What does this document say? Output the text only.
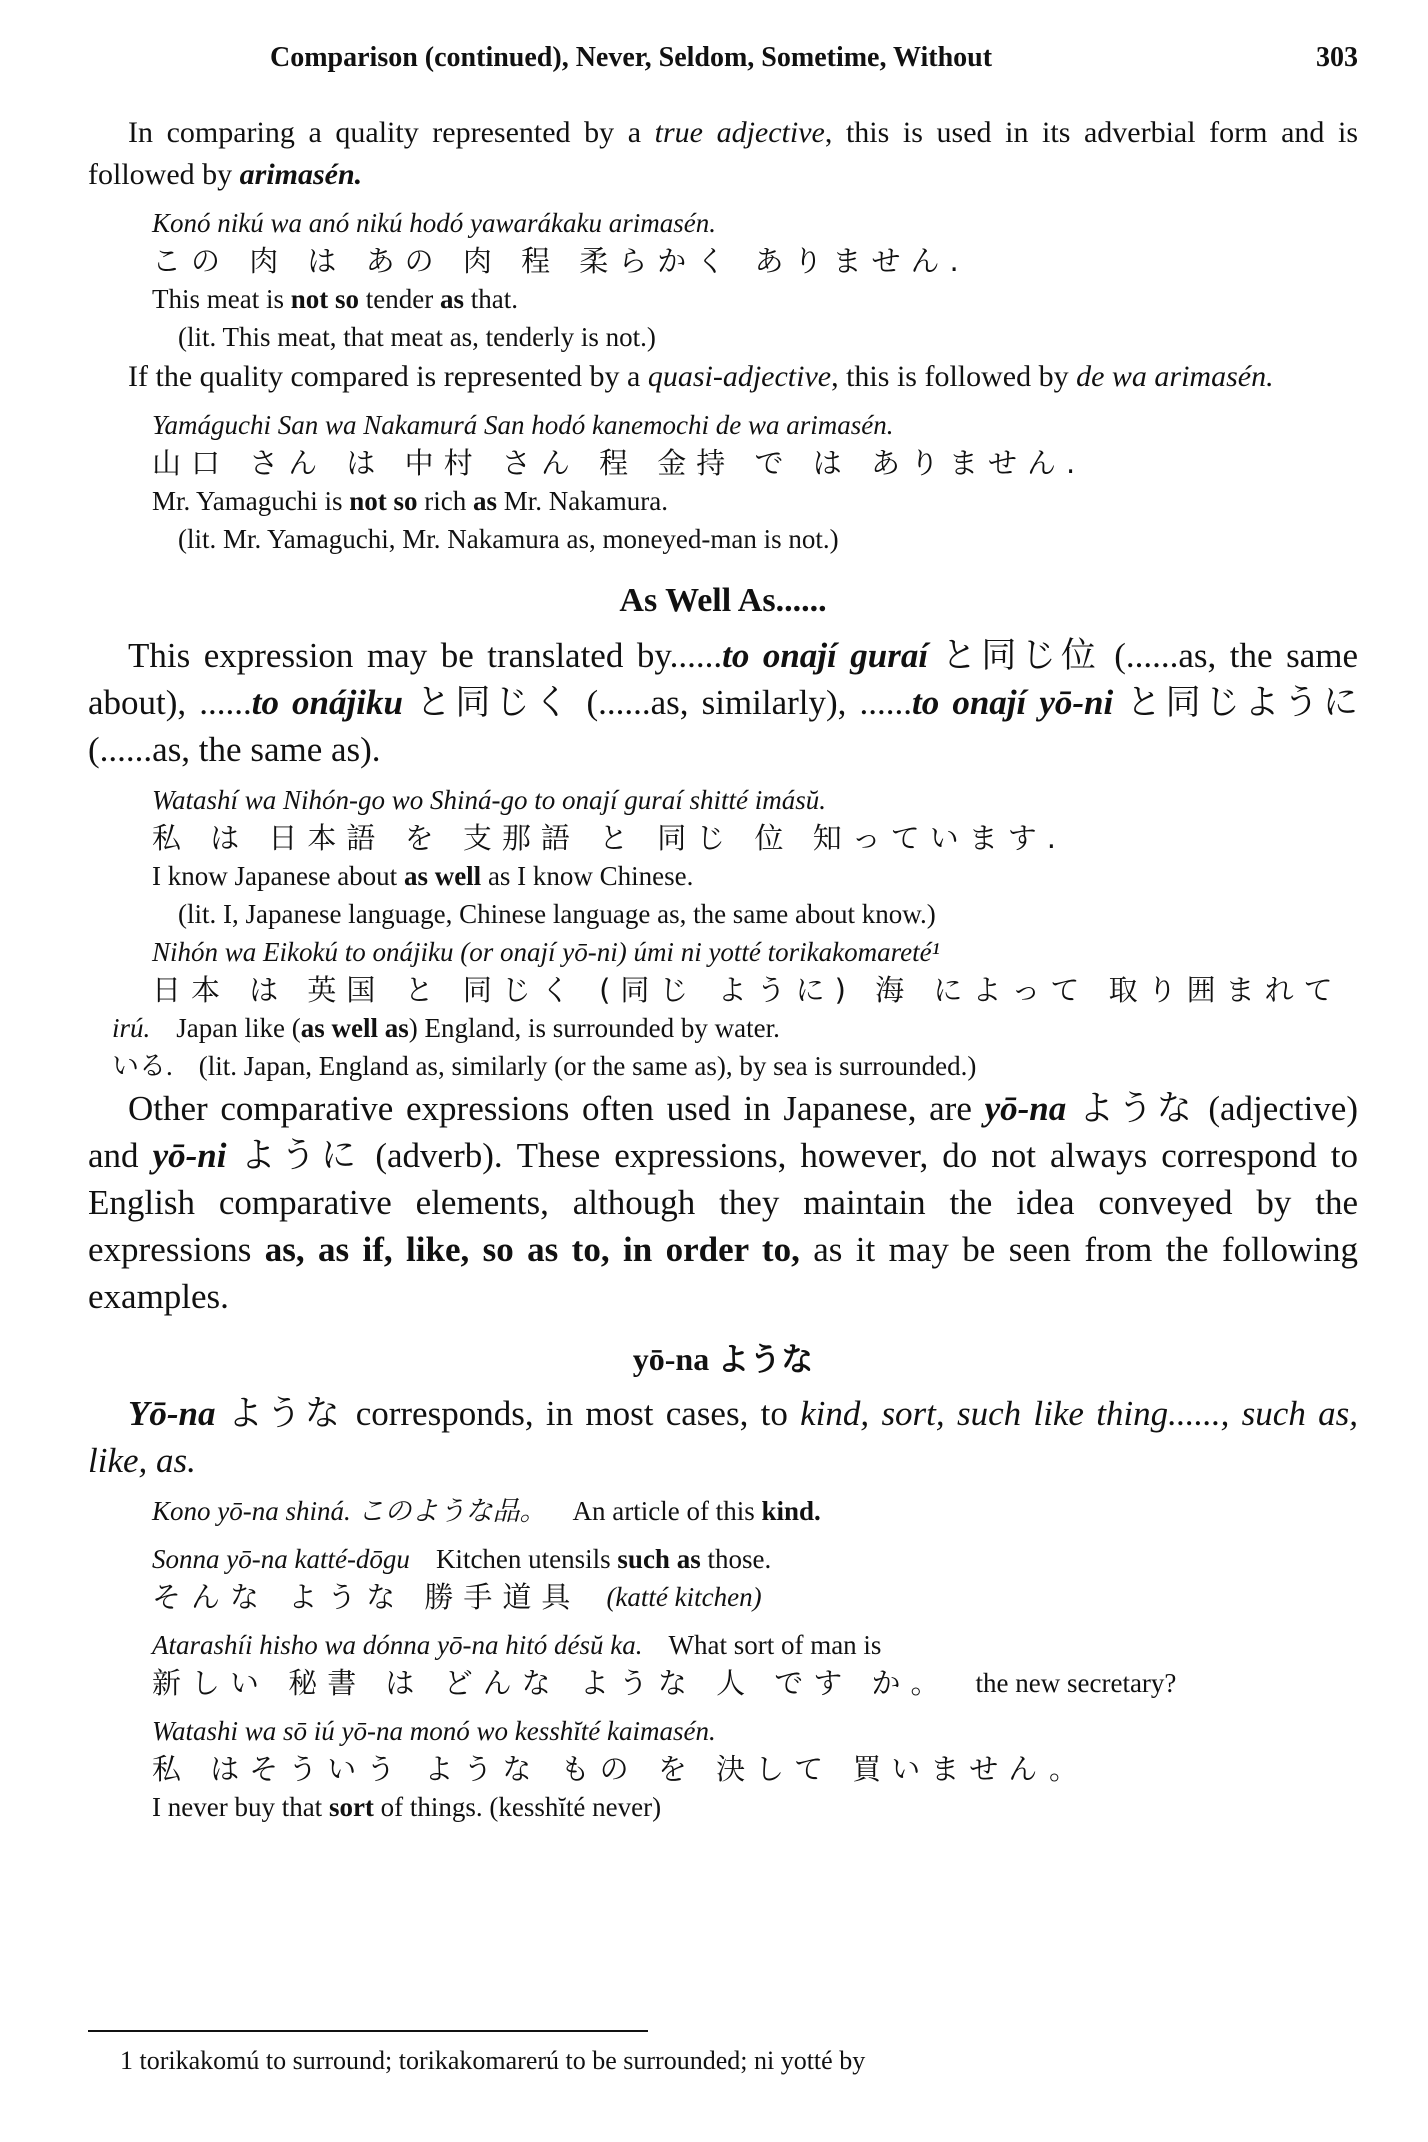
Comparison (continued), Never, Seldom, Sometime, Without	303

In comparing a quality represented by a true adjective, this is used in its adverbial form and is followed by arimasén.

Konó nikú wa anó nikú hodó yawarákaku arimasén.
この 肉 は あの 肉 程 柔らかく ありません.
This meat is not so tender as that.
(lit. This meat, that meat as, tenderly is not.)

If the quality compared is represented by a quasi-adjective, this is followed by de wa arimasén.

Yamáguchi San wa Nakamurá San hodó kanemochi de wa arimasén.
山口 さん は 中村 さん 程 金持 で は ありません.
Mr. Yamaguchi is not so rich as Mr. Nakamura.
(lit. Mr. Yamaguchi, Mr. Nakamura as, moneyed-man is not.)
As Well As......

This expression may be translated by......to onají guraí と同じ位 (......as, the same about), ......to onájiku と同じく (......as, similarly), ......to onají yō-ni と同じように (......as, the same as).

Watashí wa Nihón-go wo Shiná-go to onají guraí shitté imásŭ.
私 は 日本語 を 支那語 と 同じ 位 知っています.
I know Japanese about as well as I know Chinese.
(lit. I, Japanese language, Chinese language as, the same about know.)
Nihón wa Eikokú to onájiku (or onají yō-ni) úmi ni yotté torikakomareté¹
日本 は 英国 と 同じく (同じ ように) 海 によって 取り囲まれて
irú. Japan like (as well as) England, is surrounded by water.
いる. (lit. Japan, England as, similarly (or the same as), by sea is surrounded.)

Other comparative expressions often used in Japanese, are yō-na ような (adjective) and yō-ni ように (adverb). These expressions, however, do not always correspond to English comparative elements, although they maintain the idea conveyed by the expressions as, as if, like, so as to, in order to, as it may be seen from the following examples.

yō-na ような

Yō-na ような corresponds, in most cases, to kind, sort, such like thing......, such as, like, as.

Kono yō-na shiná. このような品。 An article of this kind.
Sonna yō-na katté-dōgu Kitchen utensils such as those.
そんな ような 勝手道具 (katté kitchen)
Atarashíi hisho wa dónna yō-na hitó désŭ ka. What sort of man is
新しい 秘書 は どんな ような 人 です か。 the new secretary?
Watashi wa sō iú yō-na monó wo kesshĭté kaimasén.
私 はそういう ような もの を 決して 買いません。
I never buy that sort of things. (kesshĭté never)
1 torikakomú to surround; torikakomarerú to be surrounded; ni yotté by
